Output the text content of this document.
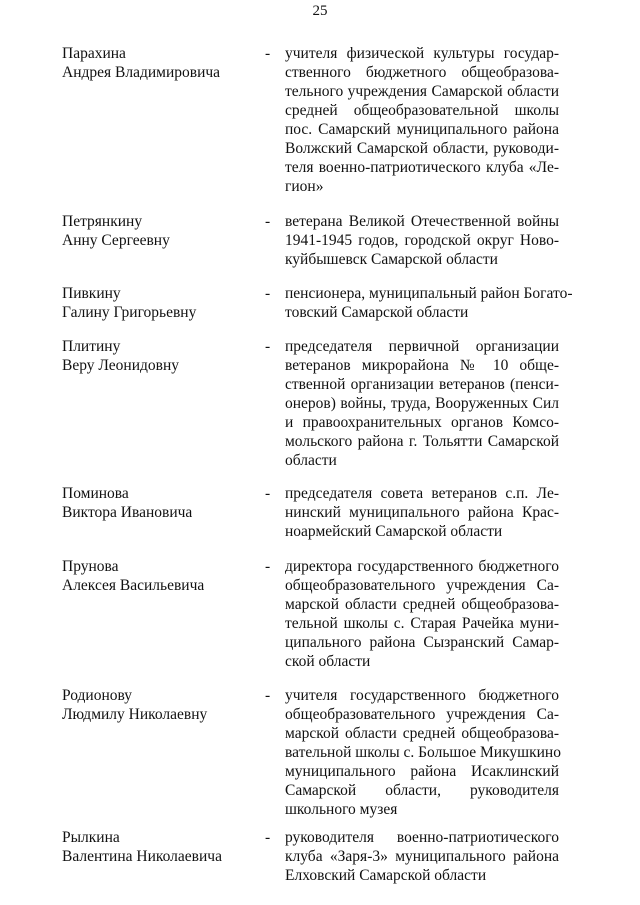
25
Парахина
Андрея Владимировича
- учителя физической культуры государ-
ственного бюджетного общеобразова-
тельного учреждения Самарской области
средней общеобразовательной школы
пос. Самарский муниципального района
Волжский Самарской области, руководи-
теля военно-патриотического клуба «Ле-
гион»
Петрянкину
Анну Сергеевну
- ветерана Великой Отечественной войны
1941-1945 годов, городской округ Ново-
куйбышевск Самарской области
Пивкину
Галину Григорьевну
- пенсионера, муниципальный район Богато-
товский Самарской области
Плитину
Веру Леонидовну
- председателя первичной организации
ветеранов микрорайона № 10 обще-
ственной организации ветеранов (пенси-
онеров) войны, труда, Вооруженных Сил
и правоохранительных органов Комсо-
мольского района г. Тольятти Самарской
области
Поминова
Виктора Ивановича
- председателя совета ветеранов с.п. Ле-
нинский муниципального района Крас-
ноармейский Самарской области
Прунова
Алексея Васильевича
- директора государственного бюджетного
общеобразовательного учреждения Са-
марской области средней общеобразова-
тельной школы с. Старая Рачейка муни-
ципального района Сызранский Самар-
ской области
Родионову
Людмилу Николаевну
- учителя государственного бюджетного
общеобразовательного учреждения Са-
марской области средней общеобразова-
вательной школы с. Большое Микушкино
муниципального района Исаклинский
Самарской области, руководителя
школьного музея
Рылкина
Валентина Николаевича
- руководителя военно-патриотического
клуба «Заря-3» муниципального района
Елховский Самарской области
